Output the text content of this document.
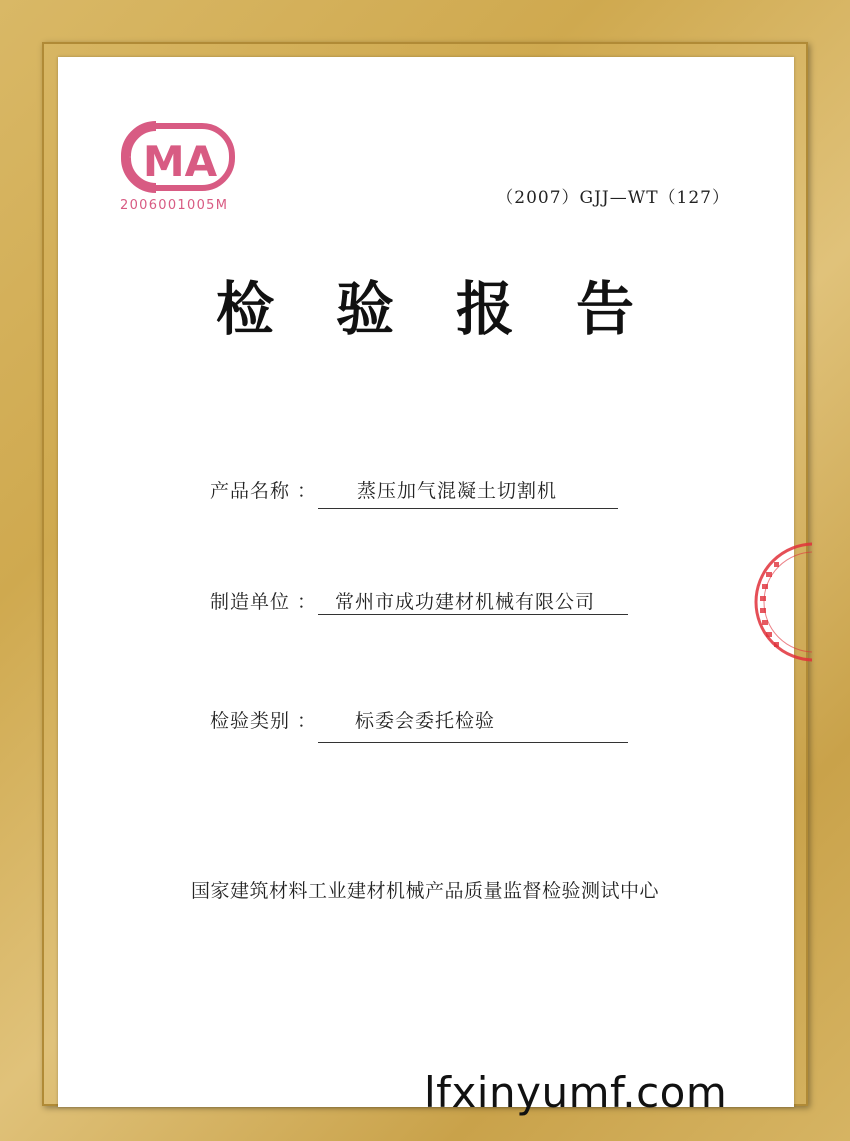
MA
2006001005M	（2007）GJJ—WT（127）
检验报告
产品名称 ：	蒸压加气混凝土切割机
制造单位 ： 常州市成功建材机械有限公司
检验类别 ：	标委会委托检验
国家建筑材料工业建材机械产品质量监督检验测试中心
lfxinyumf.com
